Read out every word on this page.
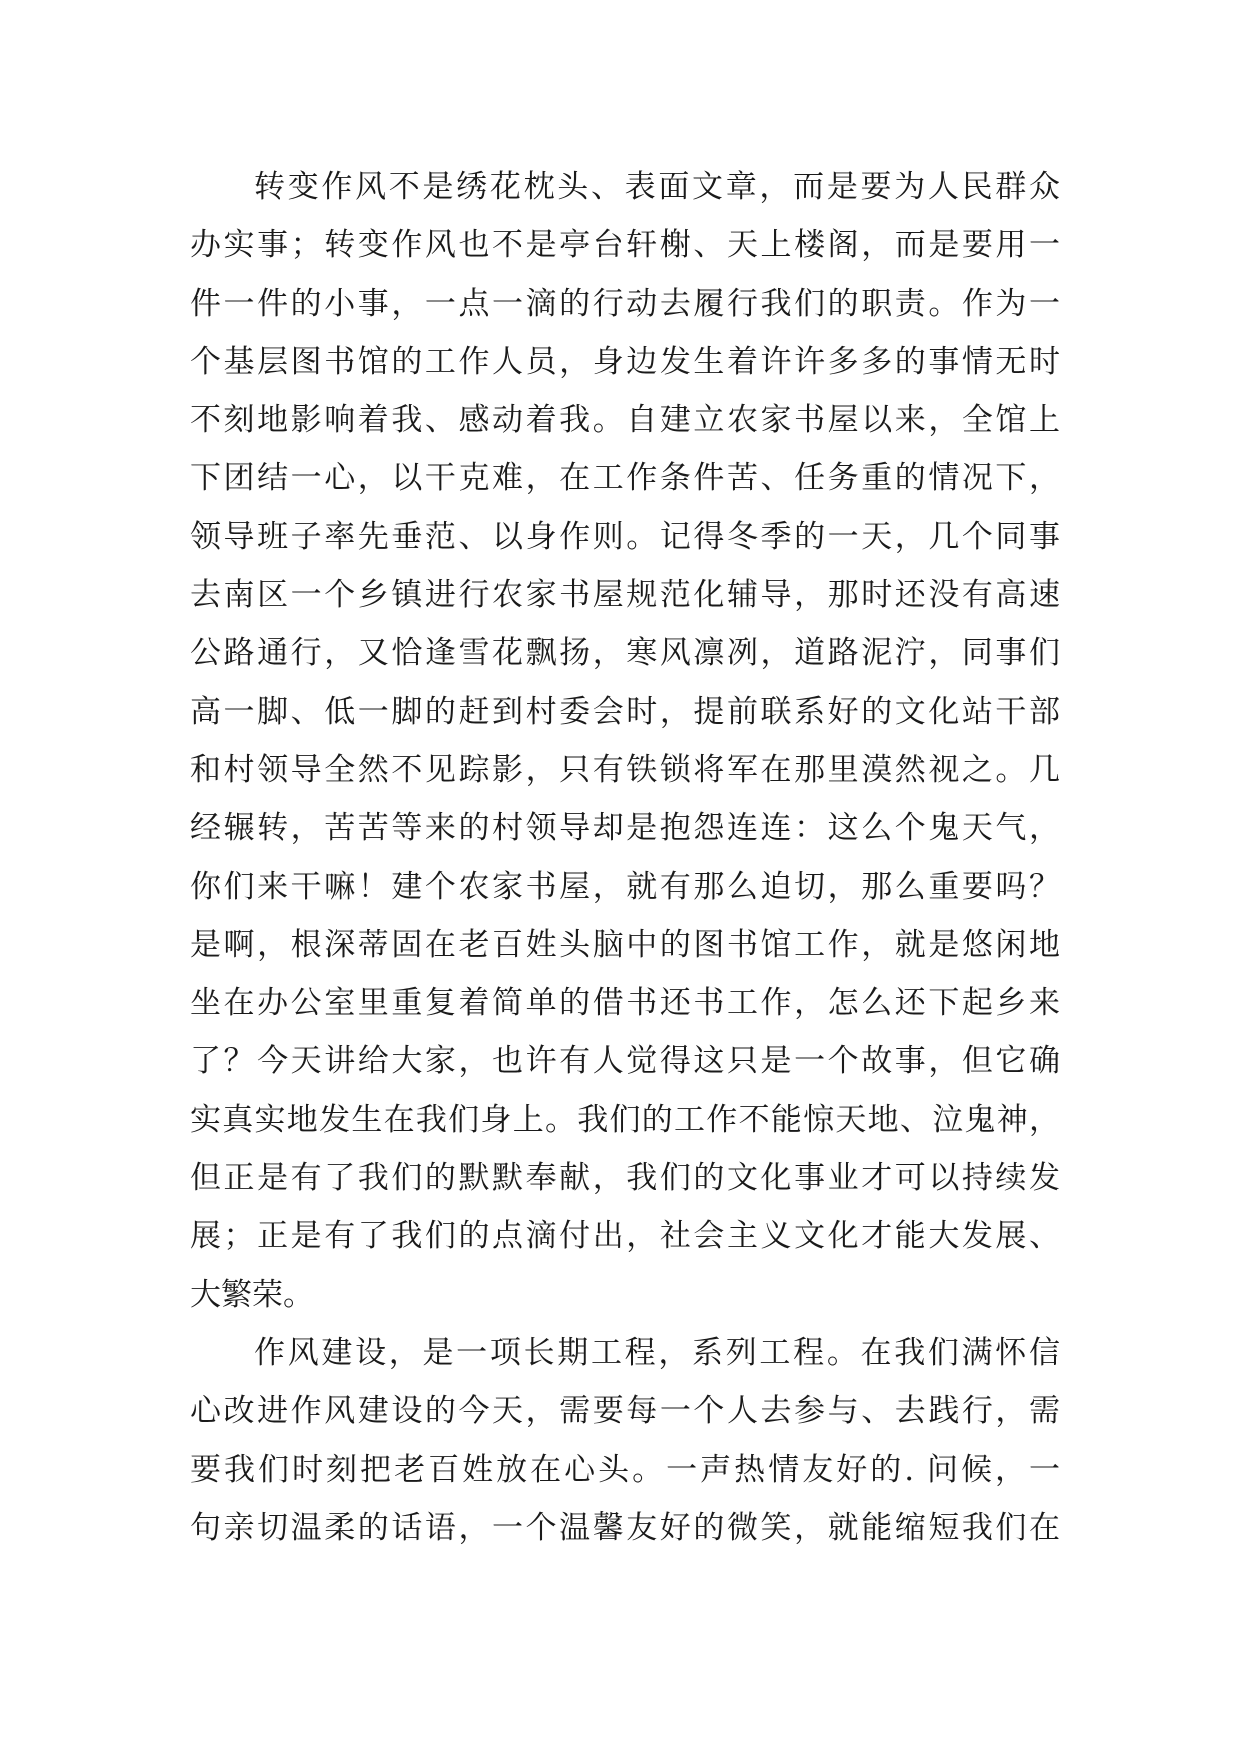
转变作风不是绣花枕头、表面文章，而是要为人民群众
办实事；转变作风也不是亭台轩榭、天上楼阁，而是要用一
件一件的小事，一点一滴的行动去履行我们的职责。作为一
个基层图书馆的工作人员，身边发生着许许多多的事情无时
不刻地影响着我、感动着我。自建立农家书屋以来，全馆上
下团结一心，以干克难，在工作条件苦、任务重的情况下，
领导班子率先垂范、以身作则。记得冬季的一天，几个同事
去南区一个乡镇进行农家书屋规范化辅导，那时还没有高速
公路通行，又恰逢雪花飘扬，寒风凛冽，道路泥泞，同事们
高一脚、低一脚的赶到村委会时，提前联系好的文化站干部
和村领导全然不见踪影，只有铁锁将军在那里漠然视之。几
经辗转，苦苦等来的村领导却是抱怨连连：这么个鬼天气，
你们来干嘛！建个农家书屋，就有那么迫切，那么重要吗？
是啊，根深蒂固在老百姓头脑中的图书馆工作，就是悠闲地
坐在办公室里重复着简单的借书还书工作，怎么还下起乡来
了？今天讲给大家，也许有人觉得这只是一个故事，但它确
实真实地发生在我们身上。我们的工作不能惊天地、泣鬼神，
但正是有了我们的默默奉献，我们的文化事业才可以持续发
展；正是有了我们的点滴付出，社会主义文化才能大发展、
大繁荣。
作风建设，是一项长期工程，系列工程。在我们满怀信
心改进作风建设的今天，需要每一个人去参与、去践行，需
要我们时刻把老百姓放在心头。一声热情友好的. 问候，一
句亲切温柔的话语，一个温馨友好的微笑，就能缩短我们在
